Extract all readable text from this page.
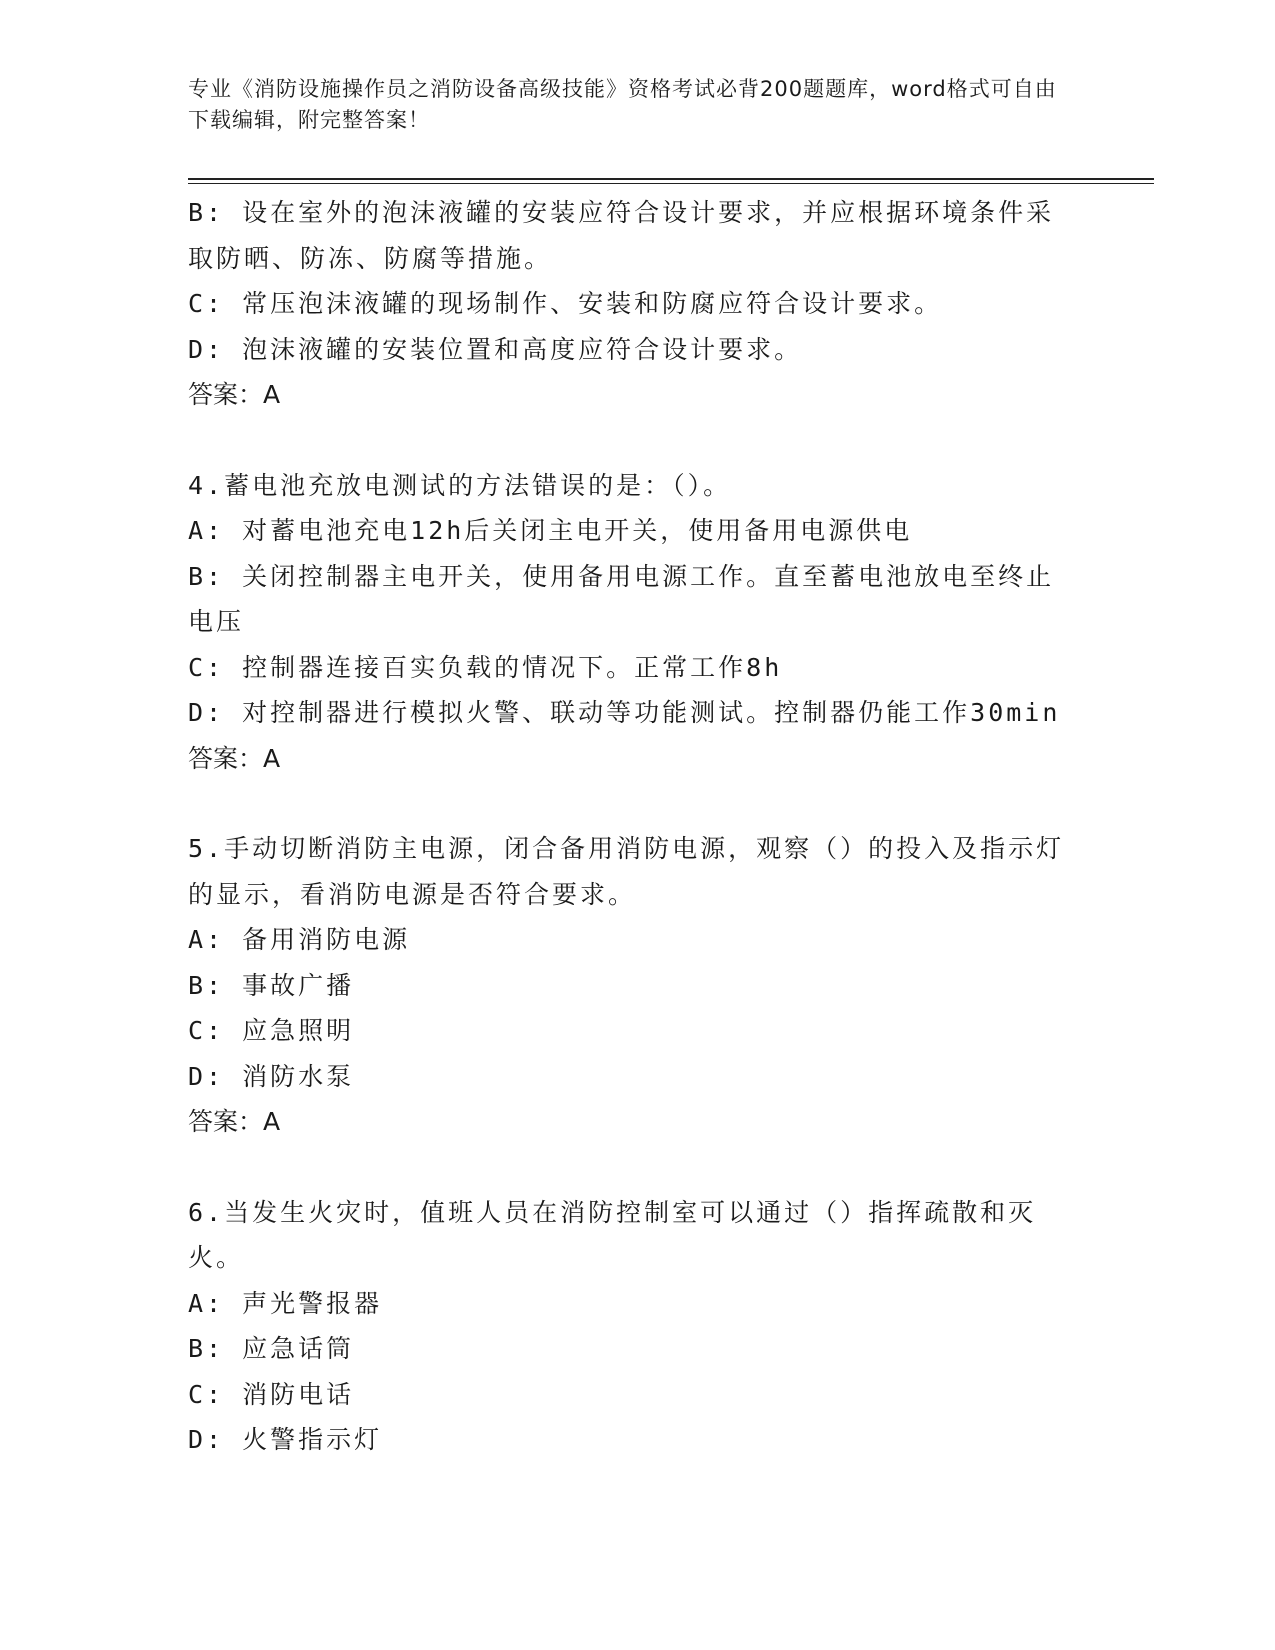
专业《消防设施操作员之消防设备高级技能》资格考试必背200题题库，word格式可自由下载编辑，附完整答案！
B: 设在室外的泡沫液罐的安装应符合设计要求，并应根据环境条件采取防晒、防冻、防腐等措施。
C: 常压泡沫液罐的现场制作、安装和防腐应符合设计要求。
D: 泡沫液罐的安装位置和高度应符合设计要求。
答案：A
4.蓄电池充放电测试的方法错误的是：（）。
A: 对蓄电池充电12h后关闭主电开关，使用备用电源供电
B: 关闭控制器主电开关，使用备用电源工作。直至蓄电池放电至终止电压
C: 控制器连接百实负载的情况下。正常工作8h
D: 对控制器进行模拟火警、联动等功能测试。控制器仍能工作30min
答案：A
5.手动切断消防主电源，闭合备用消防电源，观察（）的投入及指示灯的显示，看消防电源是否符合要求。
A: 备用消防电源
B: 事故广播
C: 应急照明
D: 消防水泵
答案：A
6.当发生火灾时，值班人员在消防控制室可以通过（）指挥疏散和灭火。
A: 声光警报器
B: 应急话筒
C: 消防电话
D: 火警指示灯
